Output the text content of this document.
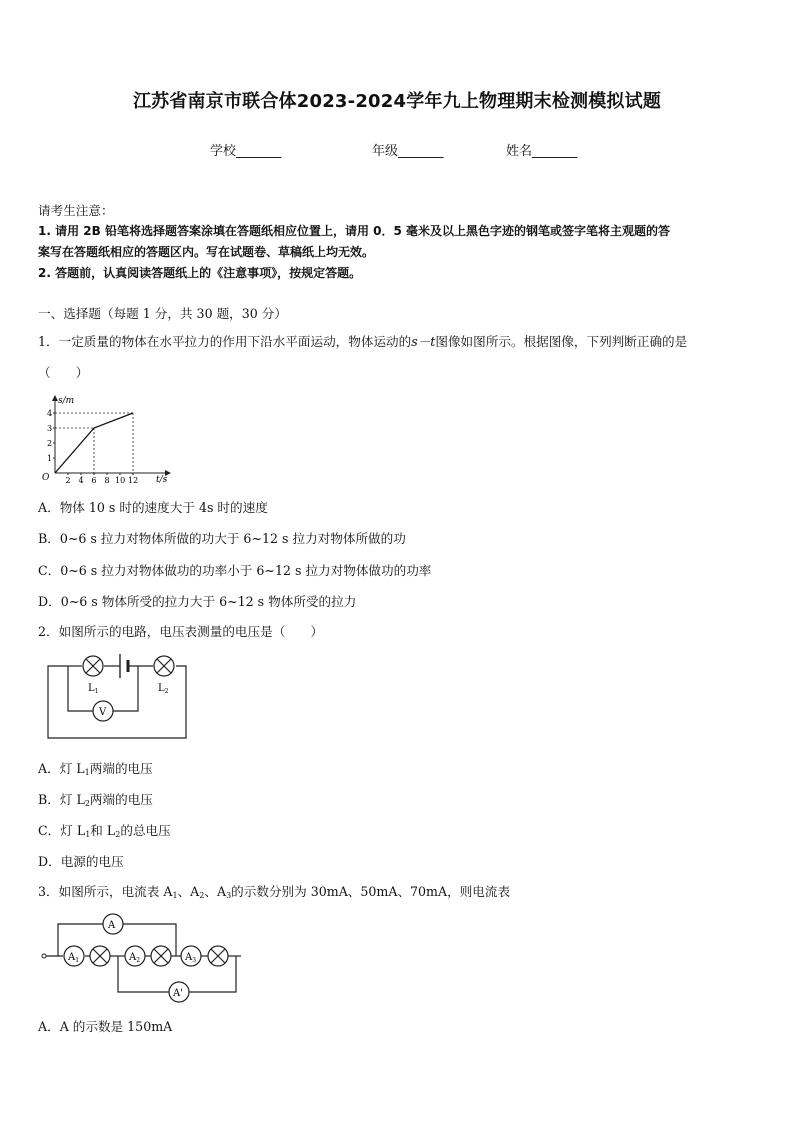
江苏省南京市联合体2023-2024学年九上物理期末检测模拟试题
学校_______	年级_______	姓名_______
请考生注意：
1. 请用 2B 铅笔将选择题答案涂填在答题纸相应位置上，请用 0．5 毫米及以上黑色字迹的钢笔或签字笔将主观题的答
案写在答题纸相应的答题区内。写在试题卷、草稿纸上均无效。
2. 答题前，认真阅读答题纸上的《注意事项》，按规定答题。
一、选择题（每题 1 分，共 30 题，30 分）
1．一定质量的物体在水平拉力的作用下沿水平面运动，物体运动的s－t图像如图所示。根据图像，下列判断正确的是
（　　）
1
2
3
4
2 4 6 8 10 12
s/m
t/s
O
A．物体 10 s 时的速度大于 4s 时的速度
B．0~6 s 拉力对物体所做的功大于 6~12 s 拉力对物体所做的功
C．0~6 s 拉力对物体做功的功率小于 6~12 s 拉力对物体做功的功率
D．0~6 s 物体所受的拉力大于 6~12 s 物体所受的拉力
2．如图所示的电路，电压表测量的电压是（　　）
V
$L_1$	$L_2$
A．灯 $L_1$两端的电压
B．灯 $L_2$两端的电压
C．灯 $L_1$和 $L_2$的总电压
D．电源的电压
3．如图所示，电流表 $A_1$、$A_2$、$A_3$的示数分别为 30mA、50mA、70mA，则电流表
A
$A_1$	$A_2$	$A_3$
A'
A．A 的示数是 150mA
